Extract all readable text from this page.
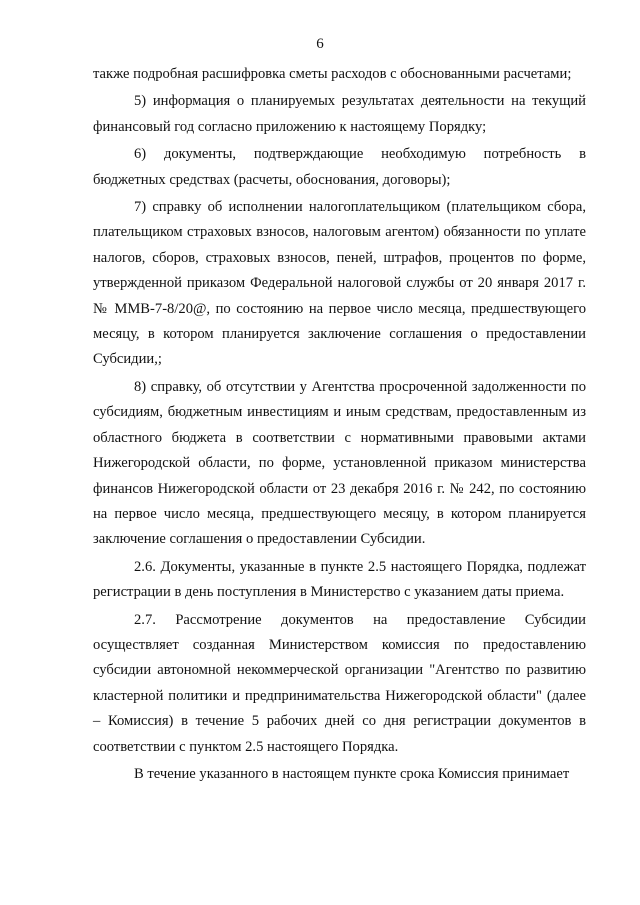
6

также подробная расшифровка сметы расходов с обоснованными расчетами;

5) информация о планируемых результатах деятельности на текущий финансовый год согласно приложению к настоящему Порядку;

6) документы, подтверждающие необходимую потребность в бюджетных средствах (расчеты, обоснования, договоры);

7) справку об исполнении налогоплательщиком (плательщиком сбора, плательщиком страховых взносов, налоговым агентом) обязанности по уплате налогов, сборов, страховых взносов, пеней, штрафов, процентов по форме, утвержденной приказом Федеральной налоговой службы от 20 января 2017 г. № ММВ-7-8/20@, по состоянию на первое число месяца, предшествующего месяцу, в котором планируется заключение соглашения о предоставлении Субсидии,;

8) справку, об отсутствии у Агентства просроченной задолженности по субсидиям, бюджетным инвестициям и иным средствам, предоставленным из областного бюджета в соответствии с нормативными правовыми актами Нижегородской области, по форме, установленной приказом министерства финансов Нижегородской области от 23 декабря 2016 г. № 242, по состоянию на первое число месяца, предшествующего месяцу, в котором планируется заключение соглашения о предоставлении Субсидии.

2.6. Документы, указанные в пункте 2.5 настоящего Порядка, подлежат регистрации в день поступления в Министерство с указанием даты приема.

2.7. Рассмотрение документов на предоставление Субсидии осуществляет созданная Министерством комиссия по предоставлению субсидии автономной некоммерческой организации "Агентство по развитию кластерной политики и предпринимательства Нижегородской области" (далее – Комиссия) в течение 5 рабочих дней со дня регистрации документов в соответствии с пунктом 2.5 настоящего Порядка.

В течение указанного в настоящем пункте срока Комиссия принимает
